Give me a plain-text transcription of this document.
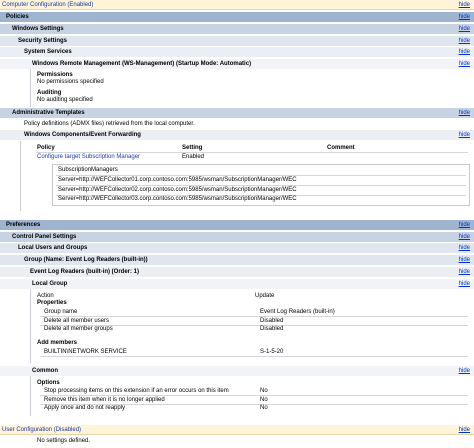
Computer Configuration (Enabled)	hide
Policies	hide
Windows Settings	hide
Security Settings	hide
System Services	hide
Windows Remote Management (WS-Management) (Startup Mode: Automatic)	hide
Permissions
No permissions specified
Auditing
No auditing specified
Administrative Templates	hide
Policy definitions (ADMX files) retrieved from the local computer.
Windows Components/Event Forwarding	hide
Policy	Setting	Comment
Configure target Subscription Manager	Enabled
SubscriptionManagers
Server=http://WEFCollector01.corp.contoso.com:5985/wsman/SubscriptionManager/WEC
Server=http://WEFCollector02.corp.contoso.com:5985/wsman/SubscriptionManager/WEC
Server=http://WEFCollector03.corp.contoso.com:5985/wsman/SubscriptionManager/WEC
Preferences	hide
Control Panel Settings	hide
Local Users and Groups	hide
Group (Name: Event Log Readers (built-in))	hide
Event Log Readers (built-in) (Order: 1)	hide
Local Group	hide
Action	Update
Properties
Group name	Event Log Readers (built-in)
Delete all member users	Disabled
Delete all member groups	Disabled
Add members
BUILTIN\NETWORK SERVICE	S-1-5-20
Common	hide
Options
Stop processing items on this extension if an error occurs on this item	No
Remove this item when it is no longer applied	No
Apply once and do not reapply	No
User Configuration (Disabled)	hide
No settings defined.
